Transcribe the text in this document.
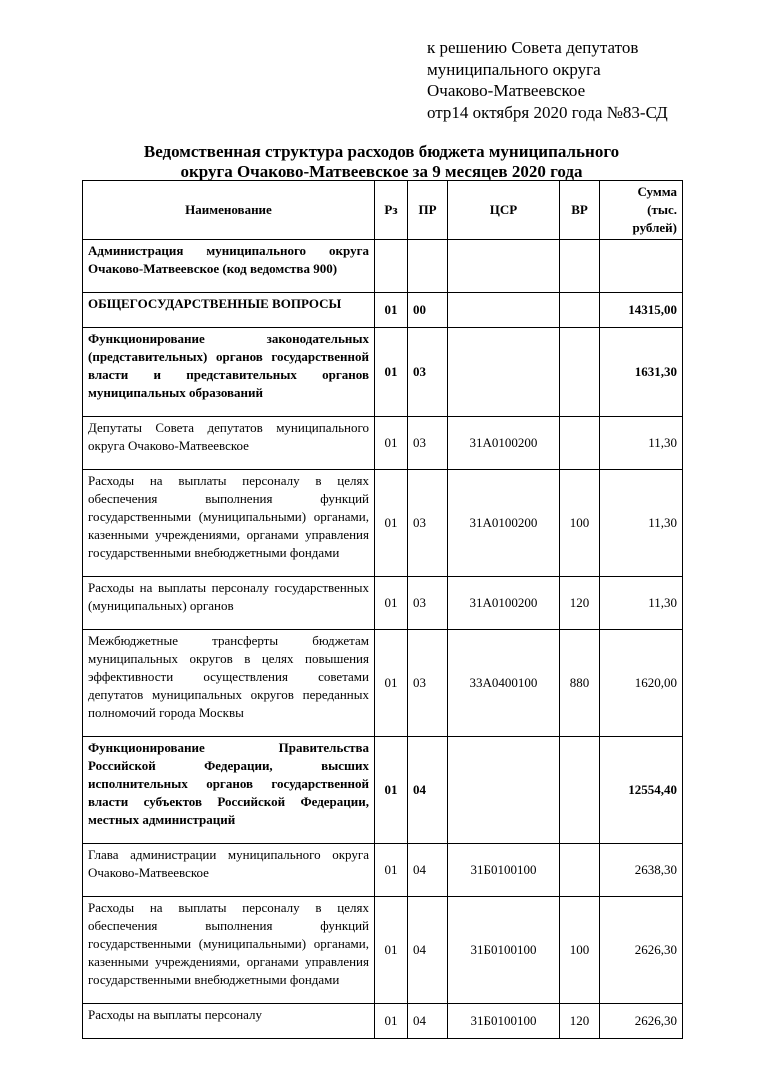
к решению Совета депутатов
муниципального округа
Очаково-Матвеевское
отр14 октября 2020 года №83-СД
Ведомственная структура расходов бюджета муниципального
округа Очаково-Матвеевское за 9 месяцев 2020 года
Наименование	Рз	ПР	ЦСР	ВР	Сумма (тыс. рублей)
Администрация муниципального округа Очаково-Матвеевское (код ведомства 900)					
ОБЩЕГОСУДАРСТВЕННЫЕ ВОПРОСЫ	01	00			14315,00
Функционирование законодательных (представительных) органов государственной власти и представительных органов муниципальных образований	01	03			1631,30
Депутаты Совета депутатов муниципального округа Очаково-Матвеевское	01	03	31А0100200		11,30
Расходы на выплаты персоналу в целях обеспечения выполнения функций государственными (муниципальными) органами, казенными учреждениями, органами управления государственными внебюджетными фондами	01	03	31А0100200	100	11,30
Расходы на выплаты персоналу государственных (муниципальных) органов	01	03	31А0100200	120	11,30
Межбюджетные трансферты бюджетам муниципальных округов в целях повышения эффективности осуществления советами депутатов муниципальных округов переданных полномочий города Москвы	01	03	33А0400100	880	1620,00
Функционирование Правительства Российской Федерации, высших исполнительных органов государственной власти субъектов Российской Федерации, местных администраций	01	04			12554,40
Глава администрации муниципального округа Очаково-Матвеевское	01	04	31Б0100100		2638,30
Расходы на выплаты персоналу в целях обеспечения выполнения функций государственными (муниципальными) органами, казенными учреждениями, органами управления государственными внебюджетными фондами	01	04	31Б0100100	100	2626,30
Расходы на выплаты персоналу	01	04	31Б0100100	120	2626,30
